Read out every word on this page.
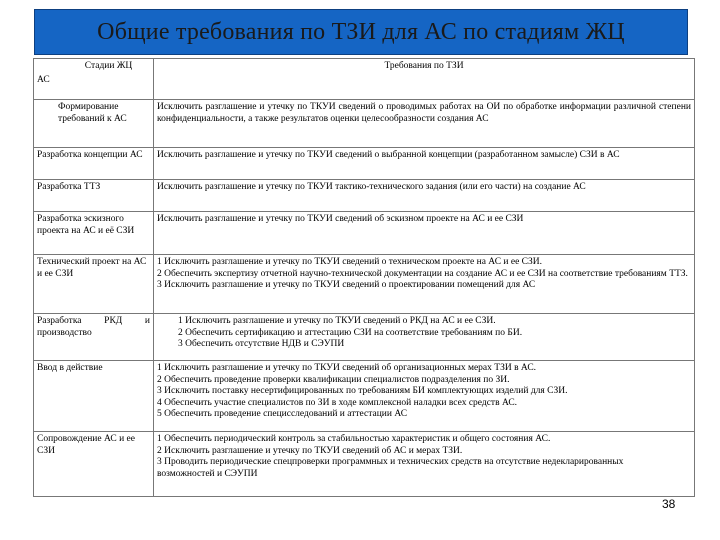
Общие требования по ТЗИ для АС по стадиям ЖЦ
Стадии ЖЦ
АС	Требования по ТЗИ
Формирование требований к АС	Исключить разглашение и утечку по ТКУИ сведений о проводимых работах на ОИ по обработке информации различной степени конфиденциальности, а также результатов оценки целесообразности создания АС

Разработка концепции АС	Исключить разглашение и утечку по ТКУИ сведений о выбранной концепции (разработанном замысле) СЗИ в АС

Разработка ТТЗ	Исключить разглашение и утечку по ТКУИ тактико-технического задания (или его части) на создание АС

Разработка эскизного проекта на АС и её СЗИ	Исключить разглашение и утечку по ТКУИ сведений об эскизном проекте на АС и ее СЗИ

Технический проект на АС и ее СЗИ	1 Исключить разглашение и утечку по ТКУИ сведений о техническом проекте на АС и ее СЗИ.
2 Обеспечить экспертизу отчетной научно-технической документации на создание АС и ее СЗИ на соответствие требованиям ТТЗ.
3 Исключить разглашение и утечку по ТКУИ сведений о проектировании помещений для АС

Разработка РКД и производство	1 Исключить разглашение и утечку по ТКУИ сведений о РКД на АС и ее СЗИ.
2 Обеспечить сертификацию и аттестацию СЗИ на соответствие требованиям по БИ.
3 Обеспечить отсутствие НДВ и СЭУПИ

Ввод в действие	1 Исключить разглашение и утечку по ТКУИ сведений об организационных мерах ТЗИ в АС.
2 Обеспечить проведение проверки квалификации специалистов подразделения по ЗИ.
3 Исключить поставку несертифицированных по требованиям БИ комплектующих изделий для СЗИ.
4 Обеспечить участие специалистов по ЗИ в ходе комплексной наладки всех средств АС.
5 Обеспечить проведение специсследований и аттестации АС

Сопровождение АС и ее СЗИ	1 Обеспечить периодический контроль за стабильностью характеристик и общего состояния АС.
2 Исключить разглашение и утечку по ТКУИ сведений об АС и мерах ТЗИ.
3 Проводить периодические спецпроверки программных и технических средств на отсутствие недекларированных возможностей и СЭУПИ
38
